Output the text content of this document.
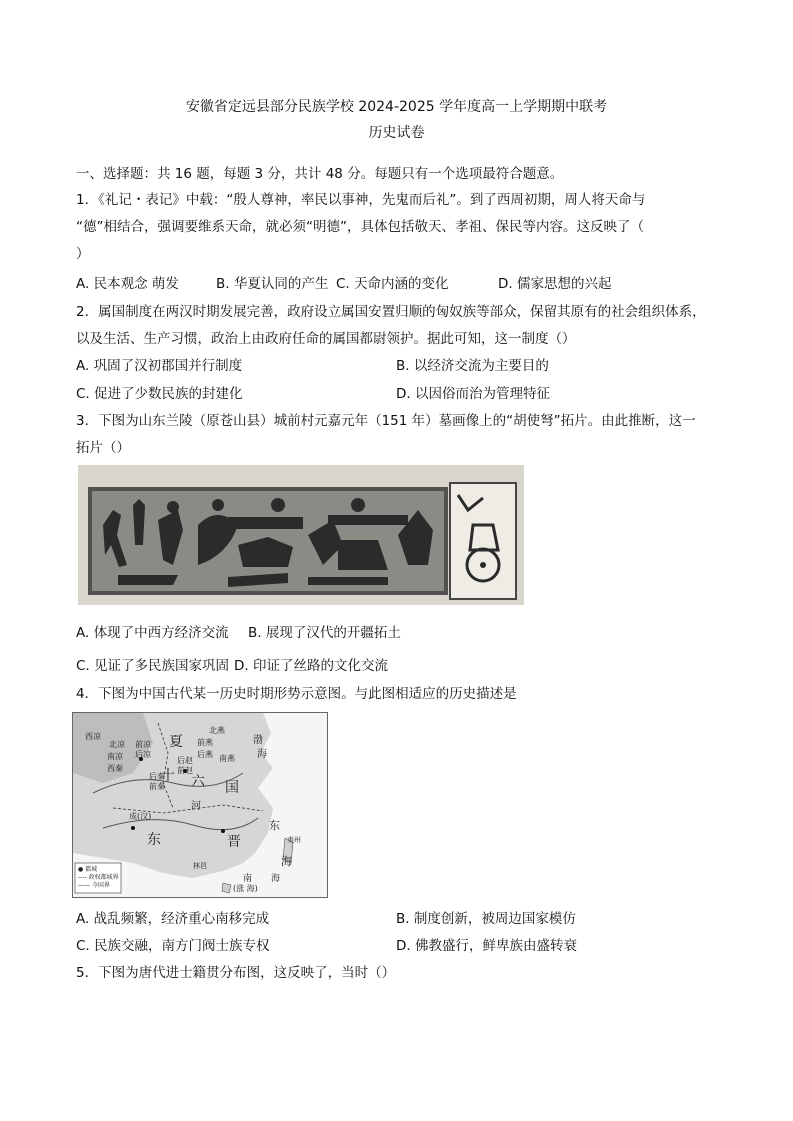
安徽省定远县部分民族学校 2024-2025 学年度高一上学期期中联考
历史试卷
一、选择题：共 16 题，每题 3 分，共计 48 分。每题只有一个选项最符合题意。
1．《礼记・表记》中载：“殷人尊神，率民以事神，先鬼而后礼”。到了西周初期，周人将天命与
“德”相结合，强调要维系天命，就必须“明德”，具体包括敬天、孝祖、保民等内容。这反映了（
）
A. 民本观念 萌发	B. 华夏认同的产生 C. 天命内涵的变化	D. 儒家思想的兴起
2．属国制度在两汉时期发展完善，政府设立属国安置归顺的匈奴族等部众，保留其原有的社会组织体系，
以及生活、生产习惯，政治上由政府任命的属国都尉领护。据此可知，这一制度（）
A. 巩固了汉初郡国并行制度	B. 以经济交流为主要目的
C. 促进了少数民族的封建化	D. 以因俗而治为管理特征
3．下图为山东兰陵（原苍山县）城前村元嘉元年（151 年）墓画像上的“胡使弩”拓片。由此推断，这一
拓片（）
A. 体现了中西方经济交流 B. 展现了汉代的开疆拓土
C. 见证了多民族国家巩固 D. 印证了丝路的文化交流
4．下图为中国古代某一历史时期形势示意图。与此图相适应的历史描述是
西凉
北凉
南凉
西秦
前凉
后凉
后秦
前秦
夏
十 六 国
北燕
后燕 南燕
前燕
后赵
前赵
渤
海
河
东
海
东	晋
成(汉)
夷州
林邑
南 海
(涨 海)
● 都城
---- 政权都城界
—— 今国界
A. 战乱频繁，经济重心南移完成	B. 制度创新，被周边国家模仿
C. 民族交融，南方门阀士族专权	D. 佛教盛行，鲜卑族由盛转衰
5．下图为唐代进士籍贯分布图，这反映了，当时（）
